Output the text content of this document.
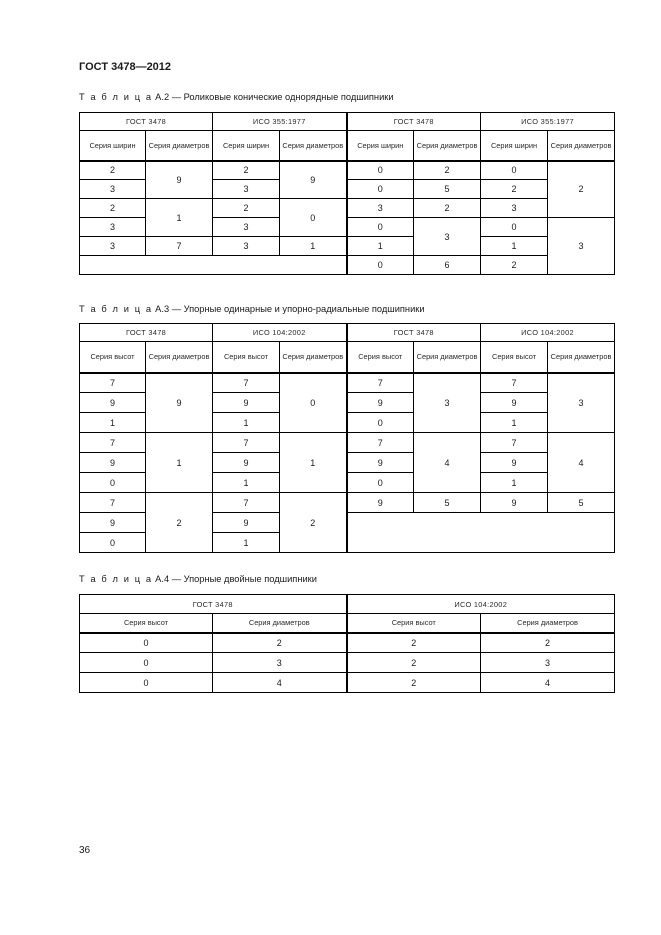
ГОСТ 3478—2012
Т а б л и ц а А.2 — Роликовые конические однорядные подшипники
ГОСТ 3478		ИСО 355:1977		ГОСТ 3478		ИСО 355:1977	
Серия ширин	Серия диаметров	Серия ширин	Серия диаметров	Серия ширин	Серия диаметров	Серия ширин	Серия диаметров
2	9	2	9	0	2	0	2
3		3		0	5	2	
2	1	2	0	3	2	3	
3		3		0	3	0	3
3	7	3	1	1		1	
				0	6	2	
Т а б л и ц а А.3 — Упорные одинарные и упорно-радиальные подшипники
ГОСТ 3478		ИСО 104:2002		ГОСТ 3478		ИСО 104:2002	
Серия высот	Серия диаметров	Серия высот	Серия диаметров	Серия высот	Серия диаметров	Серия высот	Серия диаметров
7	9	7	0	7	3	7	3
9		9		9		9	
1		1		0		1	
7	1	7	1	7	4	7	4
9		9		9		9	
0		1		0		1	
7	2	7	2	9	5	9	5
9		9					
0		1					
Т а б л и ц а А.4 — Упорные двойные подшипники
ГОСТ 3478		ИСО 104:2002	
Серия высот	Серия диаметров	Серия высот	Серия диаметров
0	2	2	2
0	3	2	3
0	4	2	4
36
